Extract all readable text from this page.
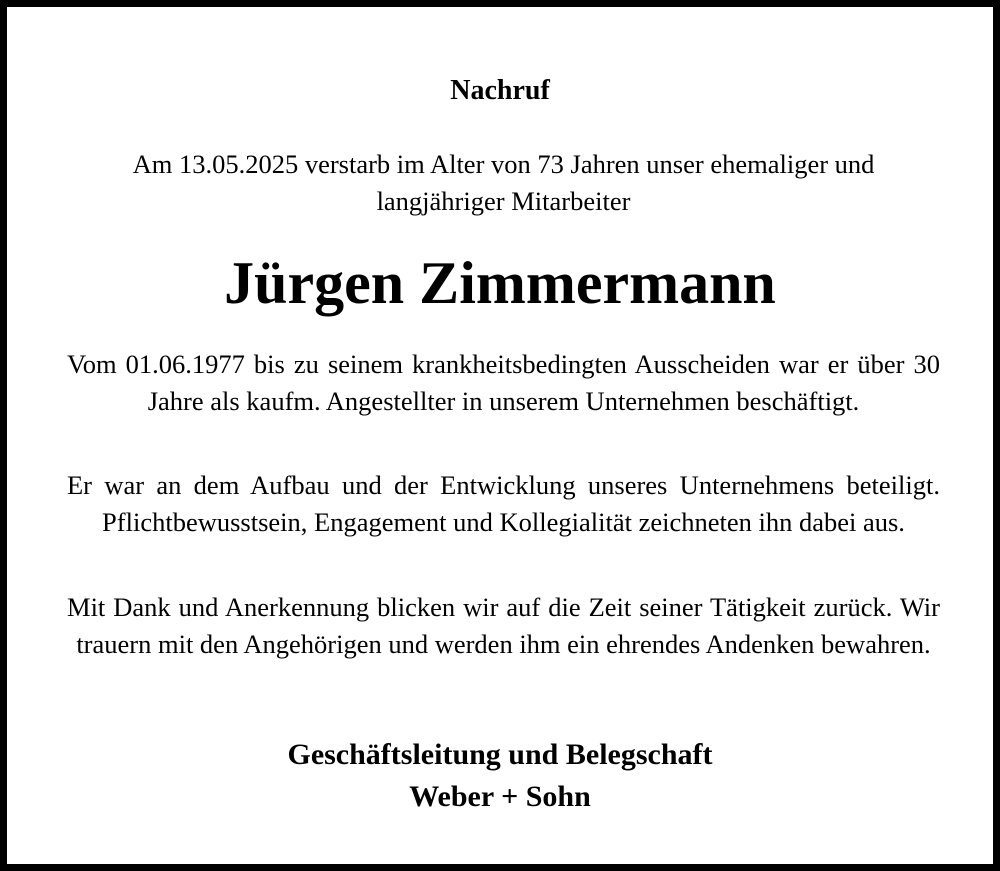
Nachruf
Am 13.05.2025 verstarb im Alter von 73 Jahren unser ehemaliger und langjähriger Mitarbeiter
Jürgen Zimmermann
Vom 01.06.1977 bis zu seinem krankheitsbedingten Ausscheiden war er über 30 Jahre als kaufm. Angestellter in unserem Unternehmen beschäftigt.
Er war an dem Aufbau und der Entwicklung unseres Unternehmens beteiligt. Pflichtbewusstsein, Engagement und Kollegialität zeichneten ihn dabei aus.
Mit Dank und Anerkennung blicken wir auf die Zeit seiner Tätigkeit zurück. Wir trauern mit den Angehörigen und werden ihm ein ehrendes Andenken bewahren.
Geschäftsleitung und Belegschaft
Weber + Sohn
